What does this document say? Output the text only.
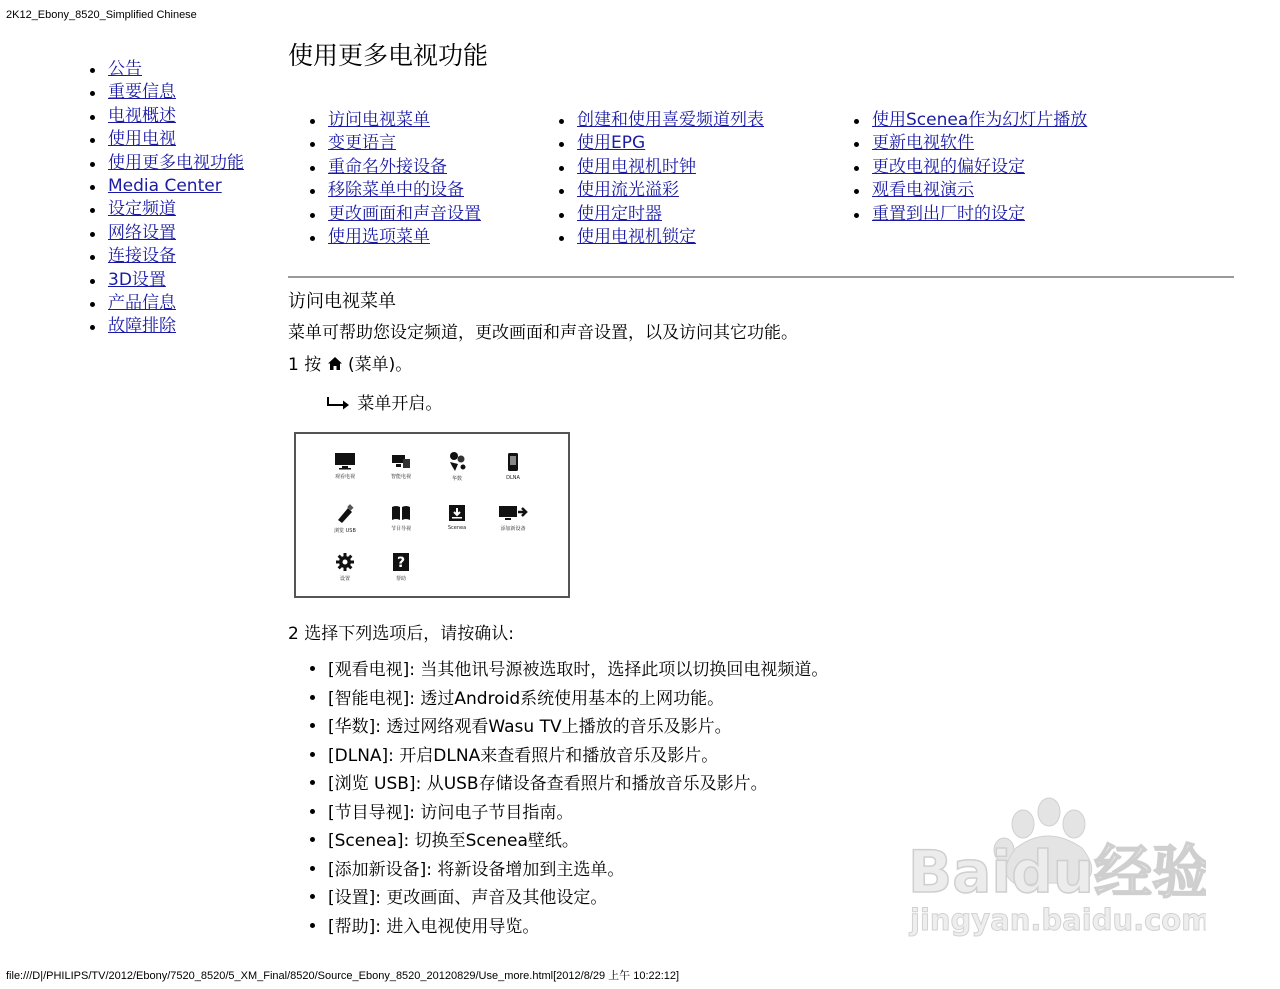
2K12_Ebony_8520_Simplified Chinese
公告
重要信息
电视概述
使用电视
使用更多电视功能
Media Center
设定频道
网络设置
连接设备
3D设置
产品信息
故障排除
使用更多电视功能
访问电视菜单
变更语言
重命名外接设备
移除菜单中的设备
更改画面和声音设置
使用选项菜单
创建和使用喜爱频道列表
使用EPG
使用电视机时钟
使用流光溢彩
使用定时器
使用电视机锁定
使用Scenea作为幻灯片播放
更新电视软件
更改电视的偏好设定
观看电视演示
重置到出厂时的设定
访问电视菜单
菜单可帮助您设定频道，更改画面和声音设置，以及访问其它功能。
1 按 (菜单)。
菜单开启。
观看电视	智能电视	华数	DLNA
浏览 USB	节目导视	Scenea	添加新设备
设置
?
帮助
2 选择下列选项后，请按确认:
[观看电视]: 当其他讯号源被选取时，选择此项以切换回电视频道。
[智能电视]: 透过Android系统使用基本的上网功能。
[华数]: 透过网络观看Wasu TV上播放的音乐及影片。
[DLNA]: 开启DLNA来查看照片和播放音乐及影片。
[浏览 USB]: 从USB存储设备查看照片和播放音乐及影片。
[节目导视]: 访问电子节目指南。
[Scenea]: 切换至Scenea壁纸。
[添加新设备]: 将新设备增加到主选单。
[设置]: 更改画面、声音及其他设定。
[帮助]: 进入电视使用导览。
Baidu经验
jingyan.baidu.com
file:///D|/PHILIPS/TV/2012/Ebony/7520_8520/5_XM_Final/8520/Source_Ebony_8520_20120829/Use_more.html[2012/8/29 上午 10:22:12]
